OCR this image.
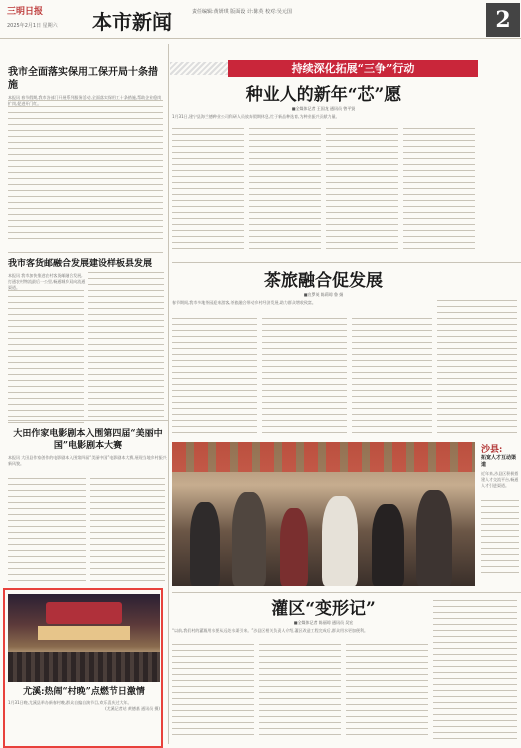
三明日报
2025年2月1日 星期六 本市新闻	责任编辑:黄妍琪 版面设 计:陈英 校对:吴元国	2
我市全面落实保用工保开局十条措施
本报讯 春节假期,我市各部门开展系列服务活动,全面落实保用工十条措施,帮助企业稳岗扩岗,促进开门红。
我市客货邮融合发展建设样板县发展
本报讯 我市加快推进农村客货邮融合发展,打通农村物流最后一公里,畅通城乡双向流通渠道。
大田作家电影剧本入围第四届“美丽中国”电影剧本大赛
本报讯 大田县作家创作的电影剧本入围第四届“美丽中国”电影剧本大赛,展现当地乡村振兴新风貌。
尤溪:热闹“村晚”点燃节日激情
1月31日晚,尤溪县举办新春村晚,群众自编自演节目,欢乐喜庆过大年。
(尤溪记者站 黄德基 通讯员 摄)
持续深化拓展“三争”行动
种业人的新年“芯”愿
■全媒体记者 王国龙 通讯员 曾平贤
1月31日,建宁县海兰德种业公司科研人员放弃假期休息,忙于新品种选育,为种业振兴贡献力量。
茶旅融合促发展
■宣罗英 陈莉琼 鲁 娟
春节期间,我市多地茶园迎来游客,茶旅融合带动乡村经济发展,助力群众增收致富。
沙县:
拓宽人才互动渠道
近年来,沙县区积极搭建人才交流平台,畅通人才引进渠道。
灌区“变形记”
■全媒体记者 陈丽琼 通讯员 吴宏
“以前,我们村的灌溉用水要从远处水渠引来。”沙县区相关负责人介绍,灌区改造工程完成后,群众用水更加便利。
